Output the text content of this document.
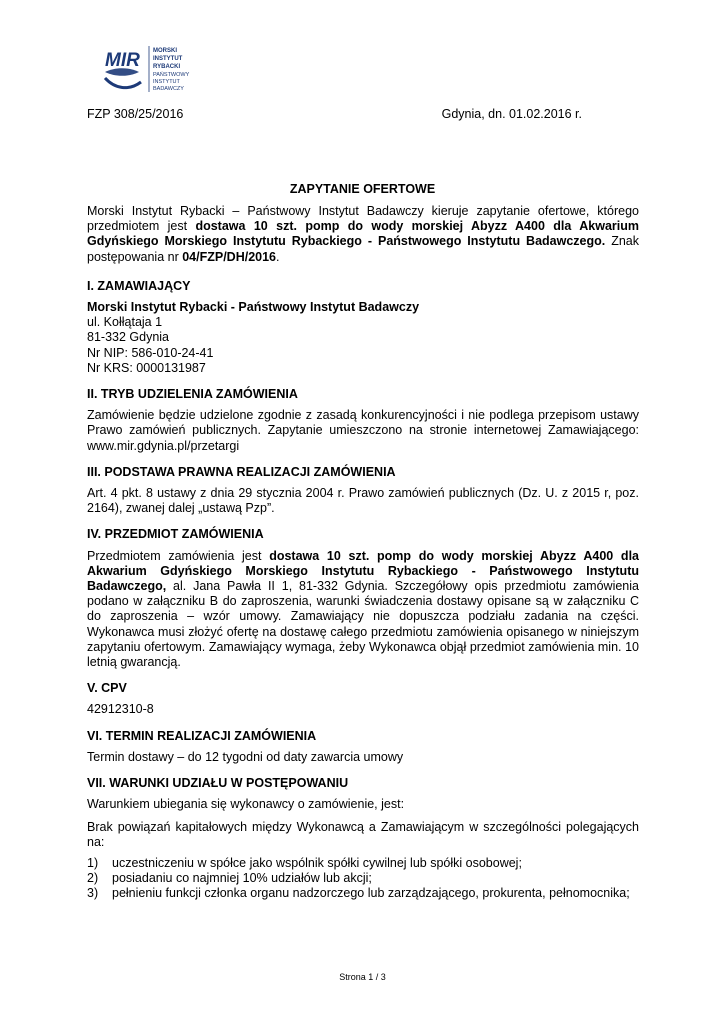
MIR MORSKI
INSTYTUT
RYBACKI
PAŃSTWOWY
INSTYTUT
BADAWCZY
FZP 308/25/2016	Gdynia, dn. 01.02.2016 r.
ZAPYTANIE OFERTOWE

Morski Instytut Rybacki – Państwowy Instytut Badawczy kieruje zapytanie ofertowe, którego przedmiotem jest dostawa 10 szt. pomp do wody morskiej Abyzz A400 dla Akwarium Gdyńskiego Morskiego Instytutu Rybackiego - Państwowego Instytutu Badawczego. Znak postępowania nr 04/FZP/DH/2016.

I. ZAMAWIAJĄCY

Morski Instytut Rybacki - Państwowy Instytut Badawczy

ul. Kołłątaja 1

81-332 Gdynia

Nr NIP: 586-010-24-41

Nr KRS: 0000131987

II. TRYB UDZIELENIA ZAMÓWIENIA

Zamówienie będzie udzielone zgodnie z zasadą konkurencyjności i nie podlega przepisom ustawy Prawo zamówień publicznych. Zapytanie umieszczono na stronie internetowej Zamawiającego: www.mir.gdynia.pl/przetargi

III. PODSTAWA PRAWNA REALIZACJI ZAMÓWIENIA

Art. 4 pkt. 8 ustawy z dnia 29 stycznia 2004 r. Prawo zamówień publicznych (Dz. U. z 2015 r, poz. 2164), zwanej dalej „ustawą Pzp”.

IV. PRZEDMIOT ZAMÓWIENIA

Przedmiotem zamówienia jest dostawa 10 szt. pomp do wody morskiej Abyzz A400 dla Akwarium Gdyńskiego Morskiego Instytutu Rybackiego - Państwowego Instytutu Badawczego, al. Jana Pawła II 1, 81-332 Gdynia. Szczegółowy opis przedmiotu zamówienia podano w załączniku B do zaproszenia, warunki świadczenia dostawy opisane są w załączniku C do zaproszenia – wzór umowy. Zamawiający nie dopuszcza podziału zadania na części. Wykonawca musi złożyć ofertę na dostawę całego przedmiotu zamówienia opisanego w niniejszym zapytaniu ofertowym. Zamawiający wymaga, żeby Wykonawca objął przedmiot zamówienia min. 10 letnią gwarancją.

V. CPV

42912310-8

VI. TERMIN REALIZACJI ZAMÓWIENIA

Termin dostawy – do 12 tygodni od daty zawarcia umowy

VII. WARUNKI UDZIAŁU W POSTĘPOWANIU

Warunkiem ubiegania się wykonawcy o zamówienie, jest:

Brak powiązań kapitałowych między Wykonawcą a Zamawiającym w szczególności polegających na:

1) uczestniczeniu w spółce jako wspólnik spółki cywilnej lub spółki osobowej;
2) posiadaniu co najmniej 10% udziałów lub akcji;
3) pełnieniu funkcji członka organu nadzorczego lub zarządzającego, prokurenta, pełnomocnika;
Strona 1 / 3
